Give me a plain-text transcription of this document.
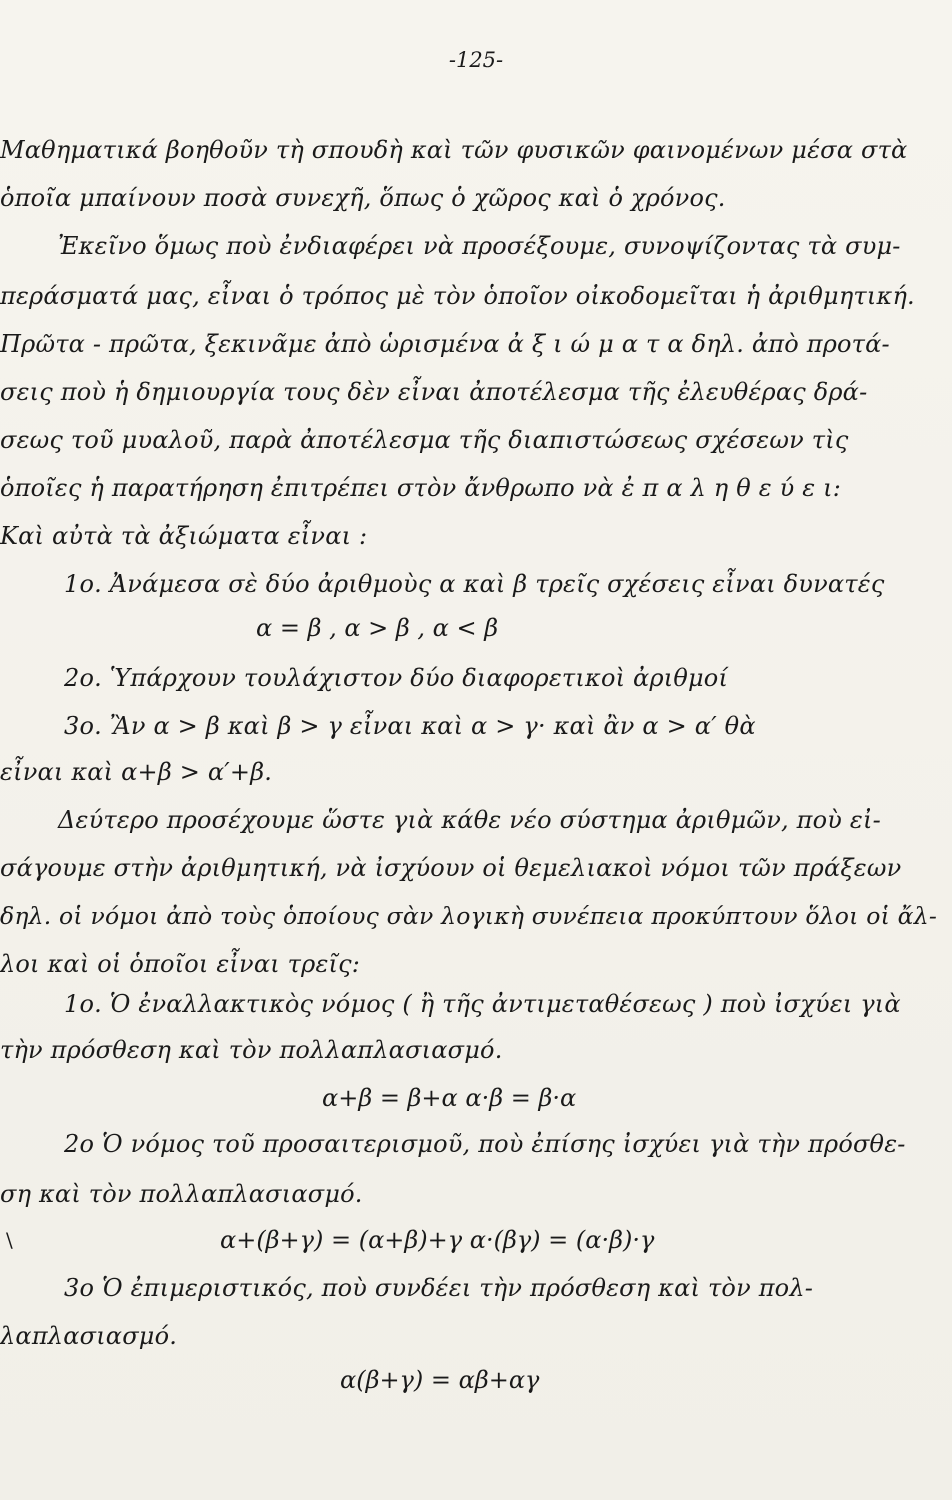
-125-
Μαθηματικά βοηθοῦν τὴ σπουδὴ καὶ τῶν φυσικῶν φαινομένων μέσα στὰ
ὁποῖα μπαίνουν ποσὰ συνεχῆ, ὅπως ὁ χῶρος καὶ ὁ χρόνος.
Ἐκεῖνο ὅμως ποὺ ἐνδιαφέρει νὰ προσέξουμε, συνοψίζοντας τὰ συμ-
περάσματά μας, εἶναι ὁ τρόπος μὲ τὸν ὁποῖον οἰκοδομεῖται ἡ ἀριθμητική.
Πρῶτα - πρῶτα, ξεκινᾶμε ἀπὸ ὡρισμένα ἀ ξ ι ώ μ α τ α δηλ. ἀπὸ προτά-
σεις ποὺ ἡ δημιουργία τους δὲν εἶναι ἀποτέλεσμα τῆς ἐλευθέρας δρά-
σεως τοῦ μυαλοῦ, παρὰ ἀποτέλεσμα τῆς διαπιστώσεως σχέσεων τὶς
ὁποῖες ἡ παρατήρηση ἐπιτρέπει στὸν ἄνθρωπο νὰ ἐ π α λ η θ ε ύ ε ι:
Καὶ αὐτὰ τὰ ἀξιώματα εἶναι :
1ο. Ἀνάμεσα σὲ δύο ἀριθμοὺς α καὶ β τρεῖς σχέσεις εἶναι δυνατές
α = β , α > β , α < β
2ο. Ὑπάρχουν τουλάχιστον δύο διαφορετικοὶ ἀριθμοί
3ο. Ἂν α > β καὶ β > γ εἶναι καὶ α > γ· καὶ ἂν α > α′ θὰ
εἶναι καὶ α+β > α′+β.
Δεύτερο προσέχουμε ὥστε γιὰ κάθε νέο σύστημα ἀριθμῶν, ποὺ εἰ-
σάγουμε στὴν ἀριθμητική, νὰ ἰσχύουν οἱ θεμελιακοὶ νόμοι τῶν πράξεων
δηλ. οἱ νόμοι ἀπὸ τοὺς ὁποίους σὰν λογικὴ συνέπεια προκύπτουν ὅλοι οἱ ἄλ-
λοι καὶ οἱ ὁποῖοι εἶναι τρεῖς:
1ο. Ὁ ἐναλλακτικὸς νόμος ( ἢ τῆς ἀντιμεταθέσεως ) ποὺ ἰσχύει γιὰ
τὴν πρόσθεση καὶ τὸν πολλαπλασιασμό.
α+β = β+α α·β = β·α
2ο Ὁ νόμος τοῦ προσαιτερισμοῦ, ποὺ ἐπίσης ἰσχύει γιὰ τὴν πρόσθε-
ση καὶ τὸν πολλαπλασιασμό.
α+(β+γ) = (α+β)+γ α·(βγ) = (α·β)·γ
3ο Ὁ ἐπιμεριστικός, ποὺ συνδέει τὴν πρόσθεση καὶ τὸν πολ-
λαπλασιασμό.
α(β+γ) = αβ+αγ
\
